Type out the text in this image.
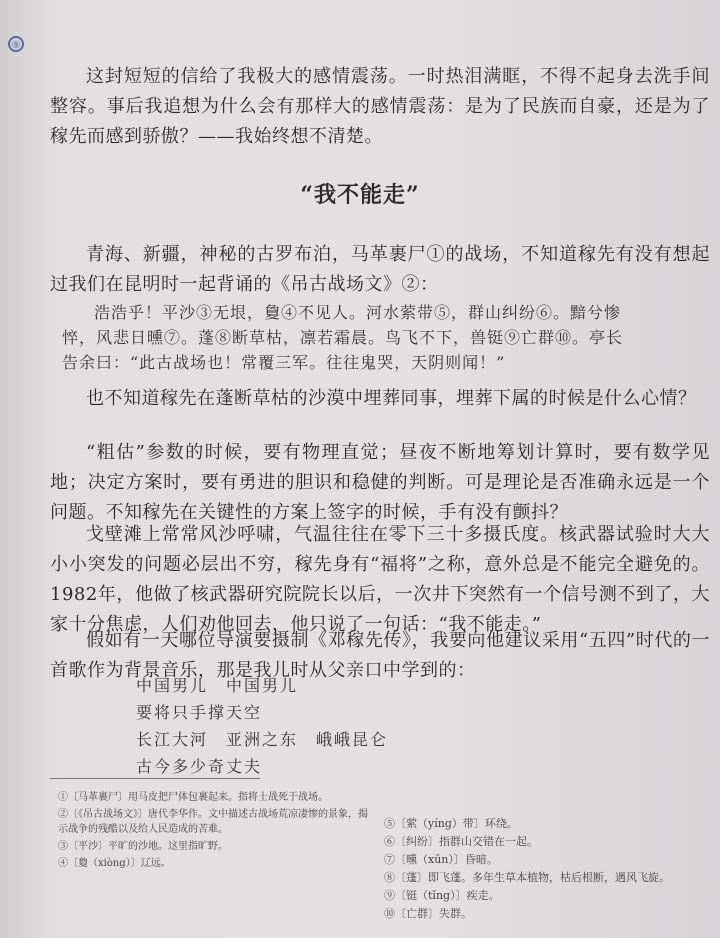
⑨

这封短短的信给了我极大的感情震荡。一时热泪满眶，不得不起身去洗手间整容。事后我追想为什么会有那样大的感情震荡：是为了民族而自豪，还是为了稼先而感到骄傲？——我始终想不清楚。

“我不能走”

青海、新疆，神秘的古罗布泊，马革裹尸①的战场，不知道稼先有没有想起过我们在昆明时一起背诵的《吊古战场文》②：

浩浩乎！平沙③无垠，敻④不见人。河水萦带⑤，群山纠纷⑥。黯兮惨
悴，风悲日曛⑦。蓬⑧断草枯，凛若霜晨。鸟飞不下，兽铤⑨亡群⑩。亭长
告余曰：“此古战场也！常覆三军。往往鬼哭，天阴则闻！”

也不知道稼先在蓬断草枯的沙漠中埋葬同事，埋葬下属的时候是什么心情？

“粗估”参数的时候，要有物理直觉；昼夜不断地筹划计算时，要有数学见地；决定方案时，要有勇进的胆识和稳健的判断。可是理论是否准确永远是一个问题。不知稼先在关键性的方案上签字的时候，手有没有颤抖？

戈壁滩上常常风沙呼啸，气温往往在零下三十多摄氏度。核武器试验时大大小小突发的问题必层出不穷，稼先身有“福将”之称，意外总是不能完全避免的。1982年，他做了核武器研究院院长以后，一次井下突然有一个信号测不到了，大家十分焦虑，人们劝他回去，他只说了一句话：“我不能走。”

假如有一天哪位导演要摄制《邓稼先传》，我要向他建议采用“五四”时代的一首歌作为背景音乐，那是我儿时从父亲口中学到的：

中国男儿　中国男儿
要将只手撑天空
长江大河　亚洲之东　峨峨昆仑
古今多少奇丈夫
①〔马革裹尸〕用马皮把尸体包裹起来。指将士战死于战场。
②〔《吊古战场文》〕唐代李华作。文中描述古战场荒凉凄惨的景象，揭示战争的残酷以及给人民造成的苦难。
③〔平沙〕平旷的沙地。这里指旷野。
④〔敻（xiòng）〕辽远。
⑤〔萦（yíng）带〕环绕。
⑥〔纠纷〕指群山交错在一起。
⑦〔曛（xūn）〕昏暗。
⑧〔蓬〕即飞蓬。多年生草本植物，枯后根断，遇风飞旋。
⑨〔铤（tǐng）〕疾走。
⑩〔亡群〕失群。
